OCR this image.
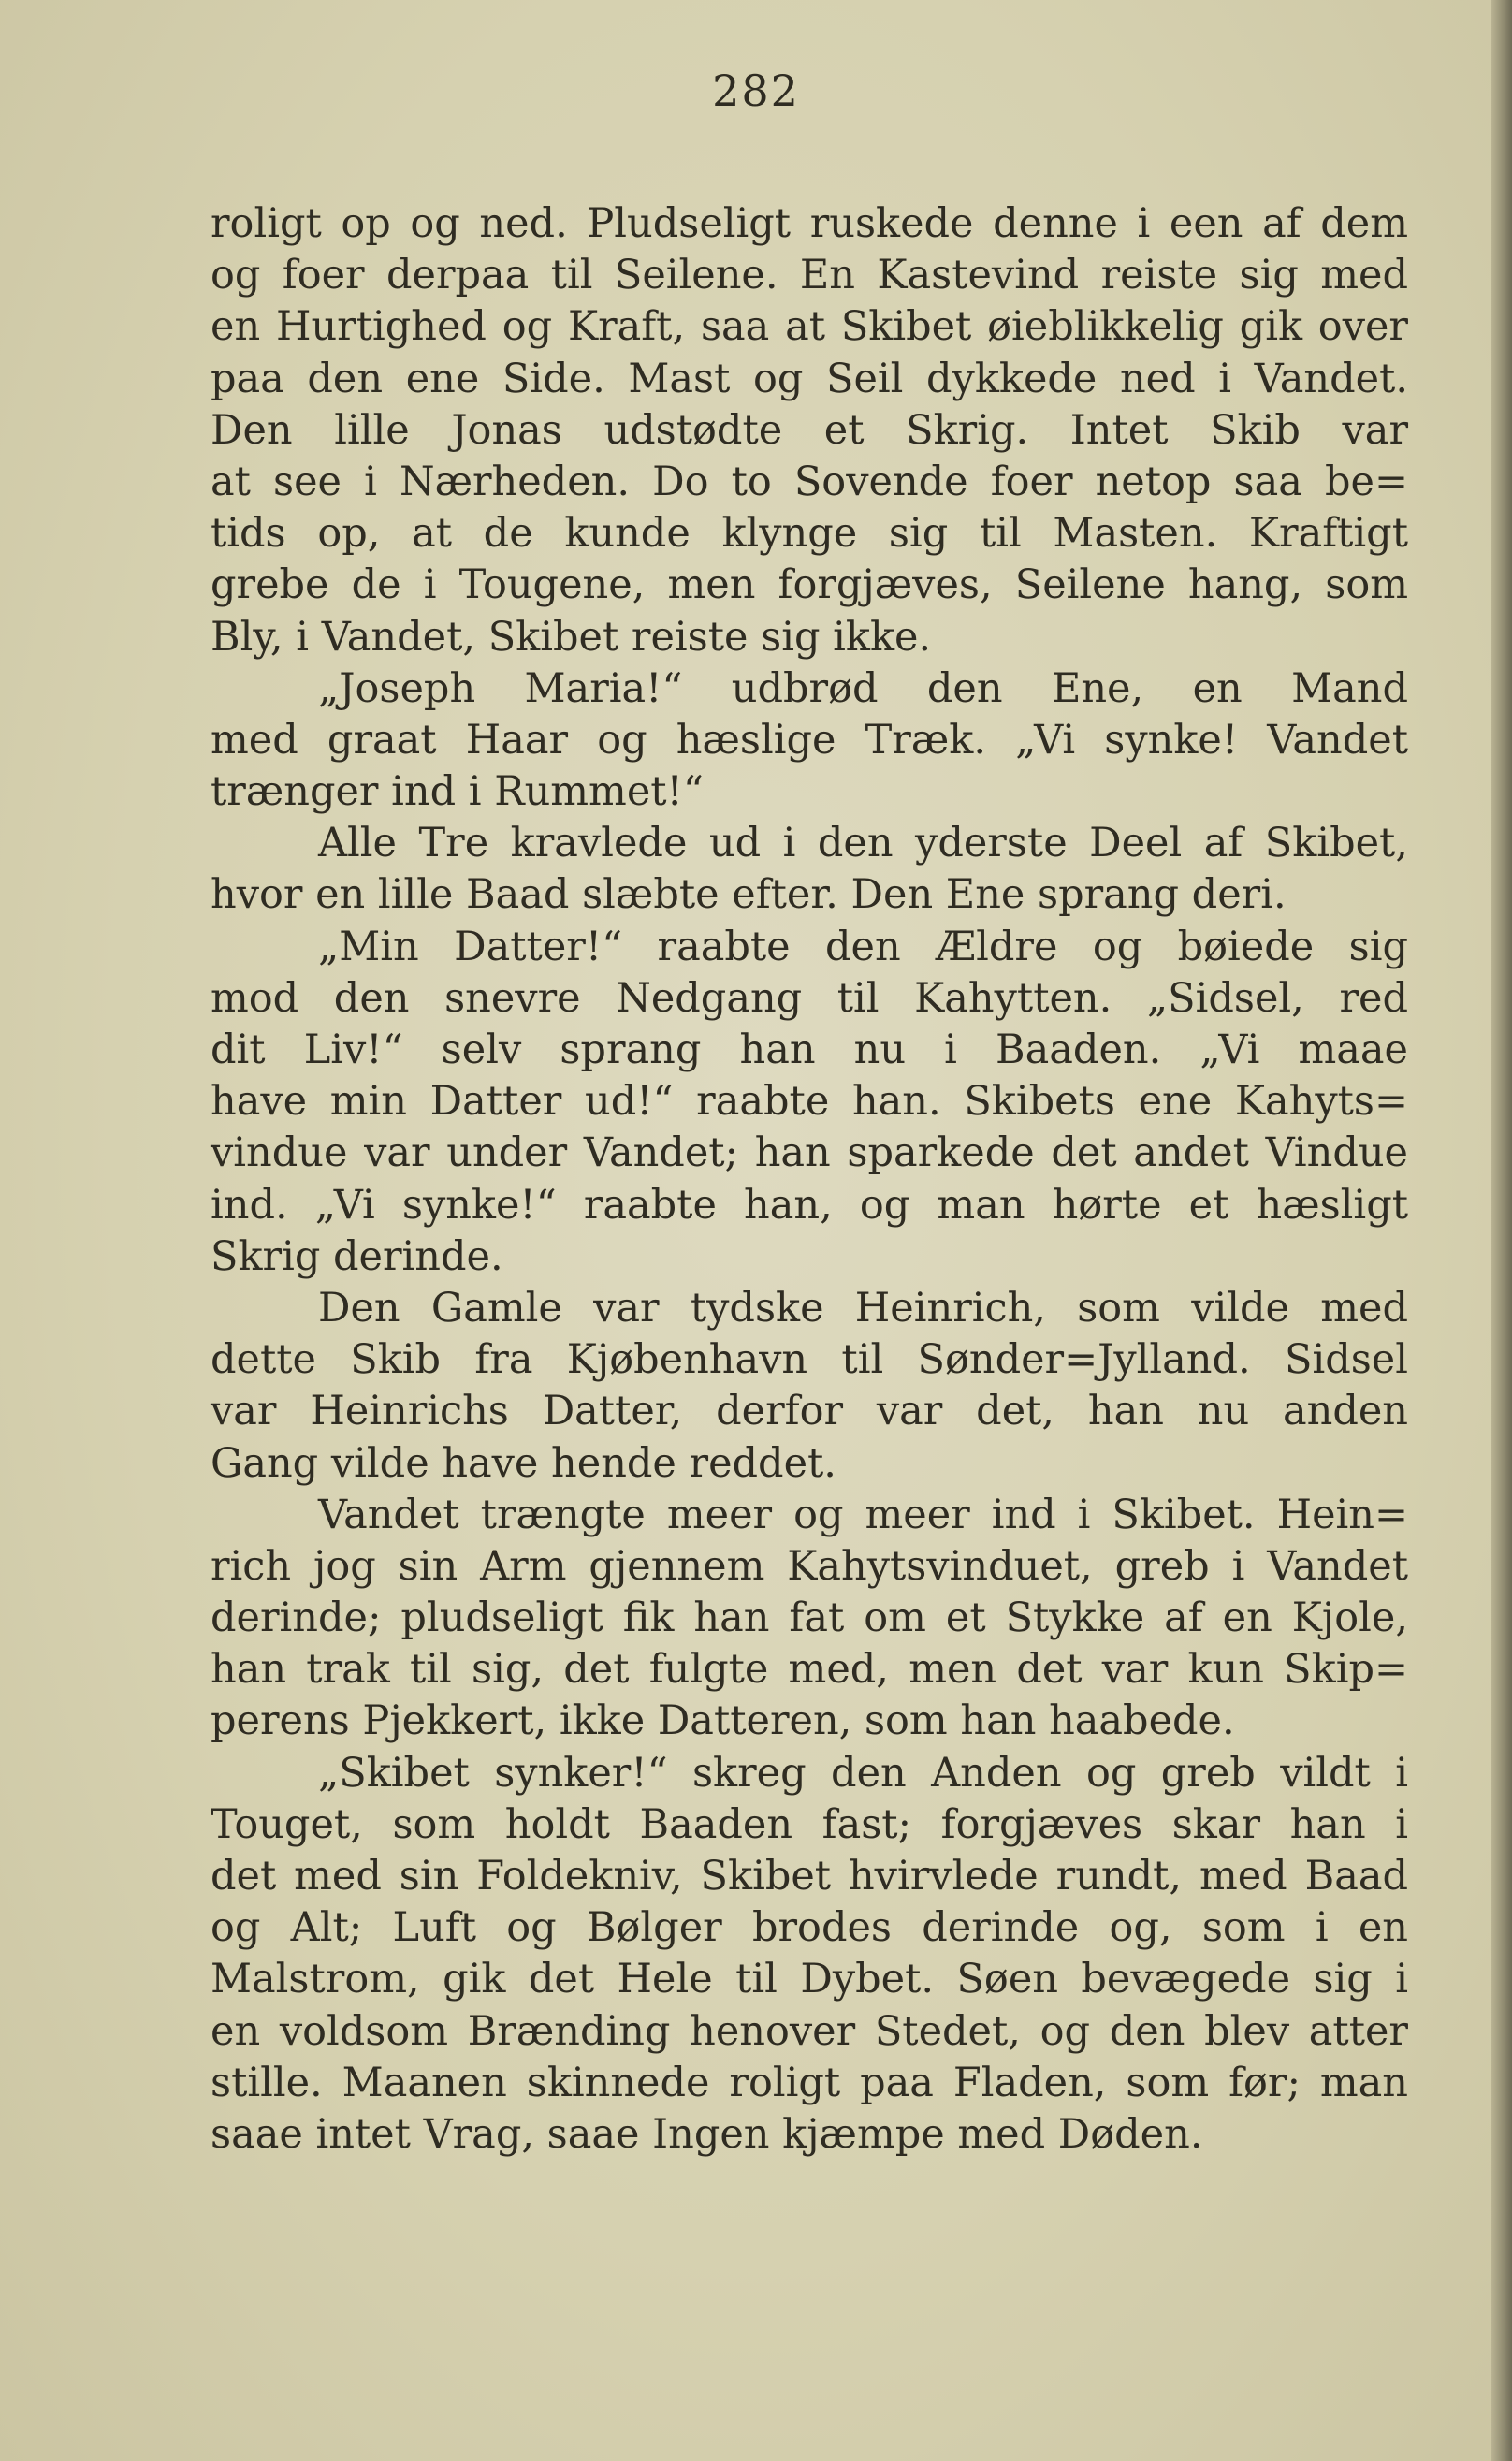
282
roligt op og ned. Pludseligt ruskede denne i een af dem
og foer derpaa til Seilene. En Kastevind reiste sig med
en Hurtighed og Kraft, saa at Skibet øieblikkelig gik over
paa den ene Side. Mast og Seil dykkede ned i Vandet.
Den lille Jonas udstødte et Skrig. Intet Skib var
at see i Nærheden. Do to Sovende foer netop saa be=
tids op, at de kunde klynge sig til Masten. Kraftigt
grebe de i Tougene, men forgjæves, Seilene hang, som
Bly, i Vandet, Skibet reiste sig ikke.
„Joseph Maria!“ udbrød den Ene, en Mand
med graat Haar og hæslige Træk. „Vi synke! Vandet
trænger ind i Rummet!“
Alle Tre kravlede ud i den yderste Deel af Skibet,
hvor en lille Baad slæbte efter. Den Ene sprang deri.
„Min Datter!“ raabte den Ældre og bøiede sig
mod den snevre Nedgang til Kahytten. „Sidsel, red
dit Liv!“ selv sprang han nu i Baaden. „Vi maae
have min Datter ud!“ raabte han. Skibets ene Kahyts=
vindue var under Vandet; han sparkede det andet Vindue
ind. „Vi synke!“ raabte han, og man hørte et hæsligt
Skrig derinde.
Den Gamle var tydske Heinrich, som vilde med
dette Skib fra Kjøbenhavn til Sønder=Jylland. Sidsel
var Heinrichs Datter, derfor var det, han nu anden
Gang vilde have hende reddet.
Vandet trængte meer og meer ind i Skibet. Hein=
rich jog sin Arm gjennem Kahytsvinduet, greb i Vandet
derinde; pludseligt fik han fat om et Stykke af en Kjole,
han trak til sig, det fulgte med, men det var kun Skip=
perens Pjekkert, ikke Datteren, som han haabede.
„Skibet synker!“ skreg den Anden og greb vildt i
Touget, som holdt Baaden fast; forgjæves skar han i
det med sin Foldekniv, Skibet hvirvlede rundt, med Baad
og Alt; Luft og Bølger brodes derinde og, som i en
Malstrom, gik det Hele til Dybet. Søen bevægede sig i
en voldsom Brænding henover Stedet, og den blev atter
stille. Maanen skinnede roligt paa Fladen, som før; man
saae intet Vrag, saae Ingen kjæmpe med Døden.
